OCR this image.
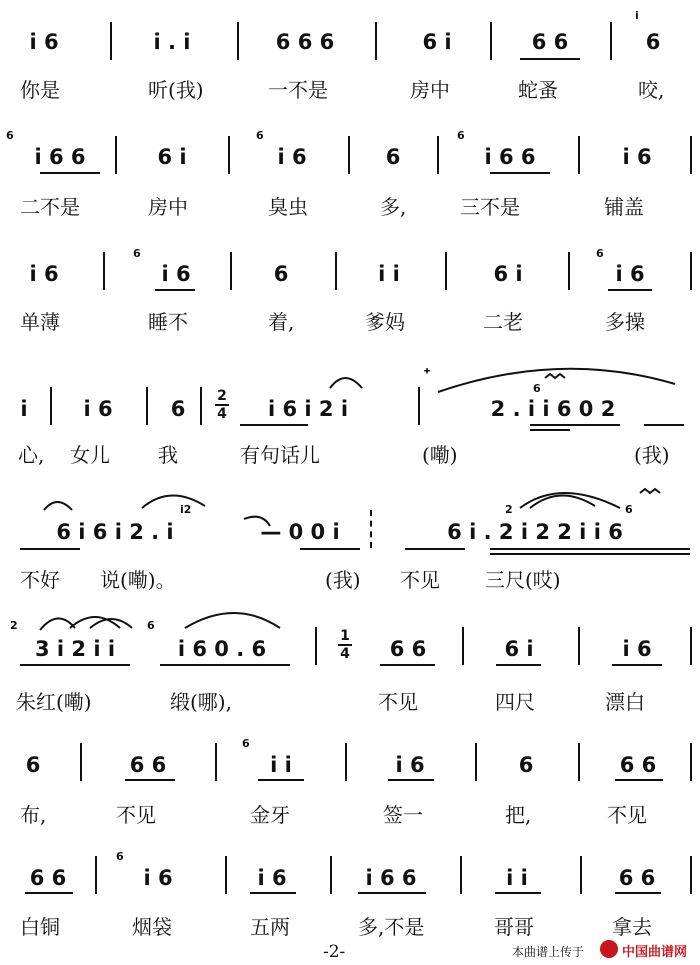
i 6	i . i	6 6 6	6 i	6 6	6
i
你是	听(我)	一不是	房中	蛇蚤	咬,
i 6 6	6 i	i 6	6	i 6 6	i 6
6	6	6
二不是	房中	臭虫	多,	三不是	铺盖
i 6	i 6	6	i i	6 i	i 6
6	6
单薄	睡不	着,	爹妈	二老	多操
i	i 6	6	i 6 i 2 i	2 . i i 6 0 2
6
ᐩ
2
4
心, 女儿 我	有句话儿	(嘞)	(我)
6 i 6 i 2 . i	— 0 0 i	6 i . 2 i 2 2 i i 6
i2	2	6
不好 说(嘞)。	(我) 不见 三尺(哎)
3 i 2 i i	i 6 0 . 6	6 6	6 i	i 6
2	6
1
4
朱红(嘞)	缎(哪),	不见	四尺	漂白
6	6 6	i i	i 6	6	6 6
6
布,	不见	金牙	签一	把,	不见
6 6	i 6	i 6	i 6 6	i i	6 6
6
白铜	烟袋	五两	多,不是	哥哥	拿去
-2-	本曲谱上传于	中国曲谱网
